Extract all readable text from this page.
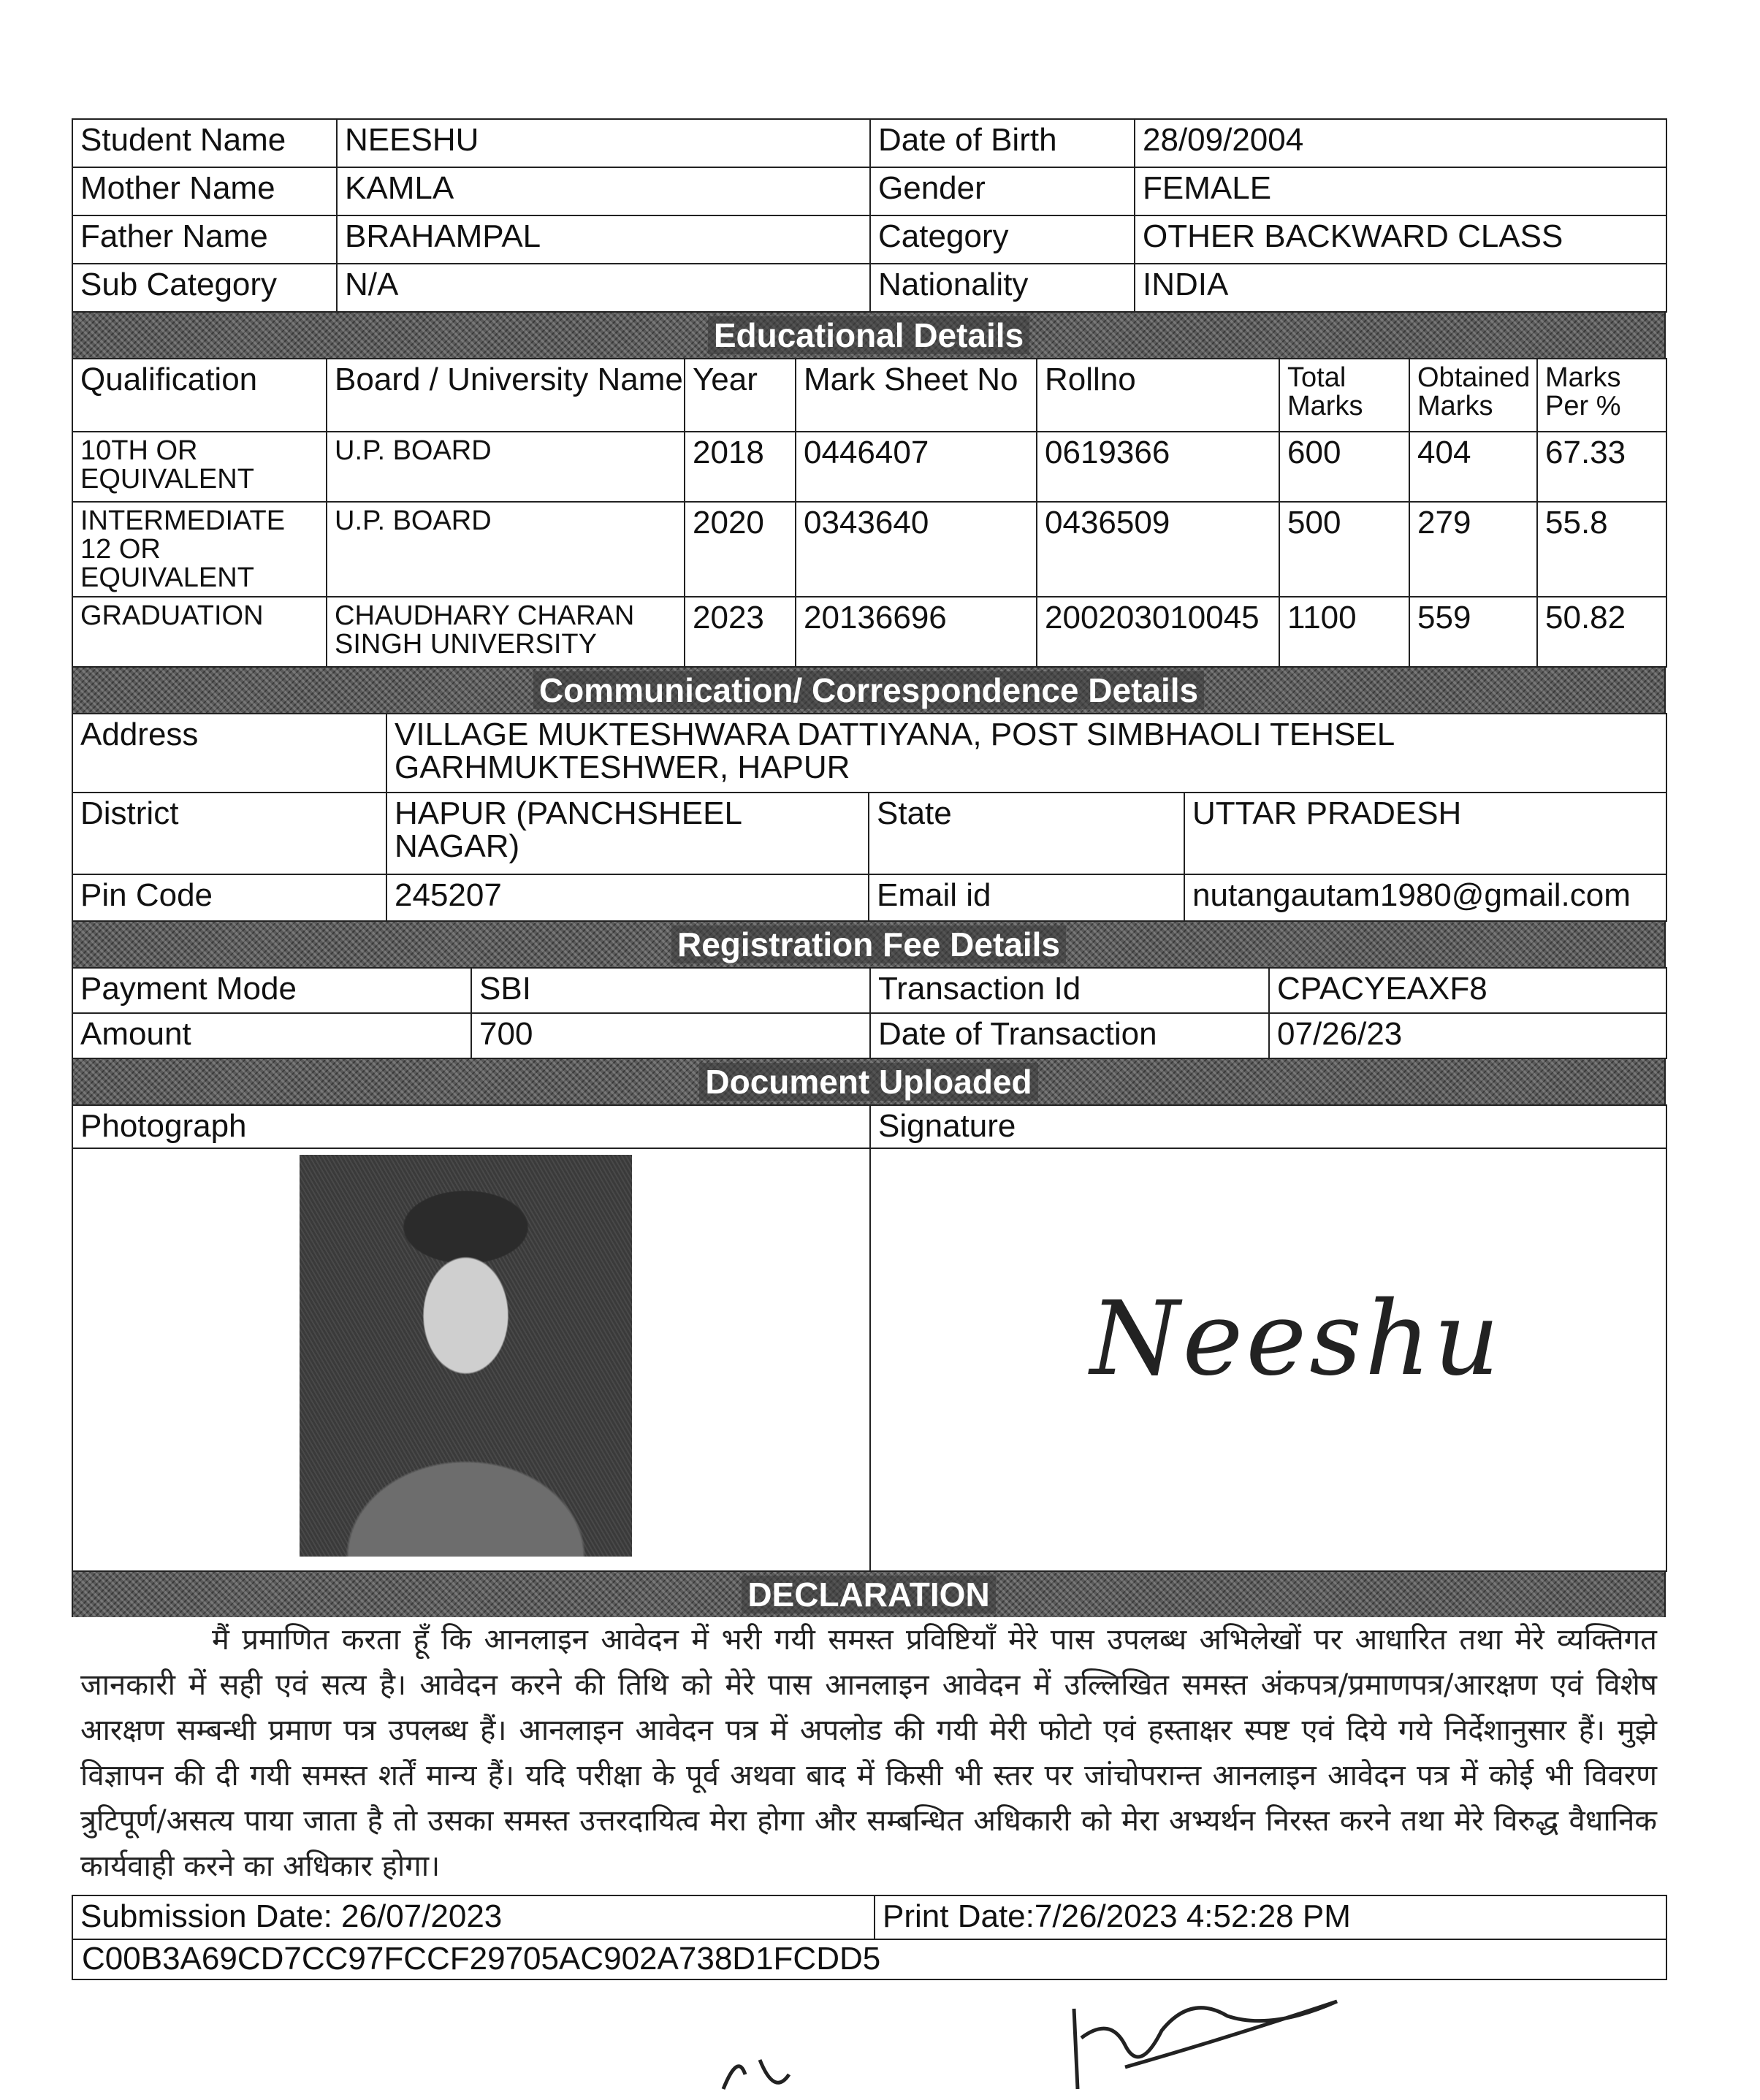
Student Name	NEESHU	Date of Birth	28/09/2004
Mother Name	KAMLA	Gender	FEMALE
Father Name	BRAHAMPAL	Category	OTHER BACKWARD CLASS
Sub Category	N/A	Nationality	INDIA
Educational Details
Qualification	Board / University Name	Year	Mark Sheet No	Rollno	Total Marks	Obtained Marks	Marks Per %
10TH OR EQUIVALENT	U.P. BOARD	2018	0446407	0619366	600	404	67.33
INTERMEDIATE 12 OR EQUIVALENT	U.P. BOARD	2020	0343640	0436509	500	279	55.8
GRADUATION	CHAUDHARY CHARAN SINGH UNIVERSITY	2023	20136696	200203010045	1100	559	50.82
Communication/ Correspondence Details
Address	VILLAGE MUKTESHWARA DATTIYANA, POST SIMBHAOLI TEHSEL GARHMUKTESHWER, HAPUR		
District	HAPUR (PANCHSHEEL NAGAR)	State	UTTAR PRADESH
Pin Code	245207	Email id	nutangautam1980@gmail.com
Registration Fee Details
Payment Mode	SBI	Transaction Id	CPACYEAXF8
Amount	700	Date of Transaction	07/26/23
Document Uploaded
Photograph	Signature

	Neeshu
DECLARATION

मैं प्रमाणित करता हूँ कि आनलाइन आवेदन में भरी गयी समस्त प्रविष्टियाँ मेरे पास उपलब्ध अभिलेखों पर आधारित तथा मेरे व्यक्तिगत जानकारी में सही एवं सत्य है। आवेदन करने की तिथि को मेरे पास आनलाइन आवेदन में उल्लिखित समस्त अंकपत्र/प्रमाणपत्र/आरक्षण एवं विशेष आरक्षण सम्बन्धी प्रमाण पत्र उपलब्ध हैं। आनलाइन आवेदन पत्र में अपलोड की गयी मेरी फोटो एवं हस्ताक्षर स्पष्ट एवं दिये गये निर्देशानुसार हैं। मुझे विज्ञापन की दी गयी समस्त शर्तें मान्य हैं। यदि परीक्षा के पूर्व अथवा बाद में किसी भी स्तर पर जांचोपरान्त आनलाइन आवेदन पत्र में कोई भी विवरण त्रुटिपूर्ण/असत्य पाया जाता है तो उसका समस्त उत्तरदायित्व मेरा होगा और सम्बन्धित अधिकारी को मेरा अभ्यर्थन निरस्त करने तथा मेरे विरुद्ध वैधानिक कार्यवाही करने का अधिकार होगा।

Submission Date: 26/07/2023	Print Date:7/26/2023 4:52:28 PM
C00B3A69CD7CC97FCCF29705AC902A738D1FCDD5
